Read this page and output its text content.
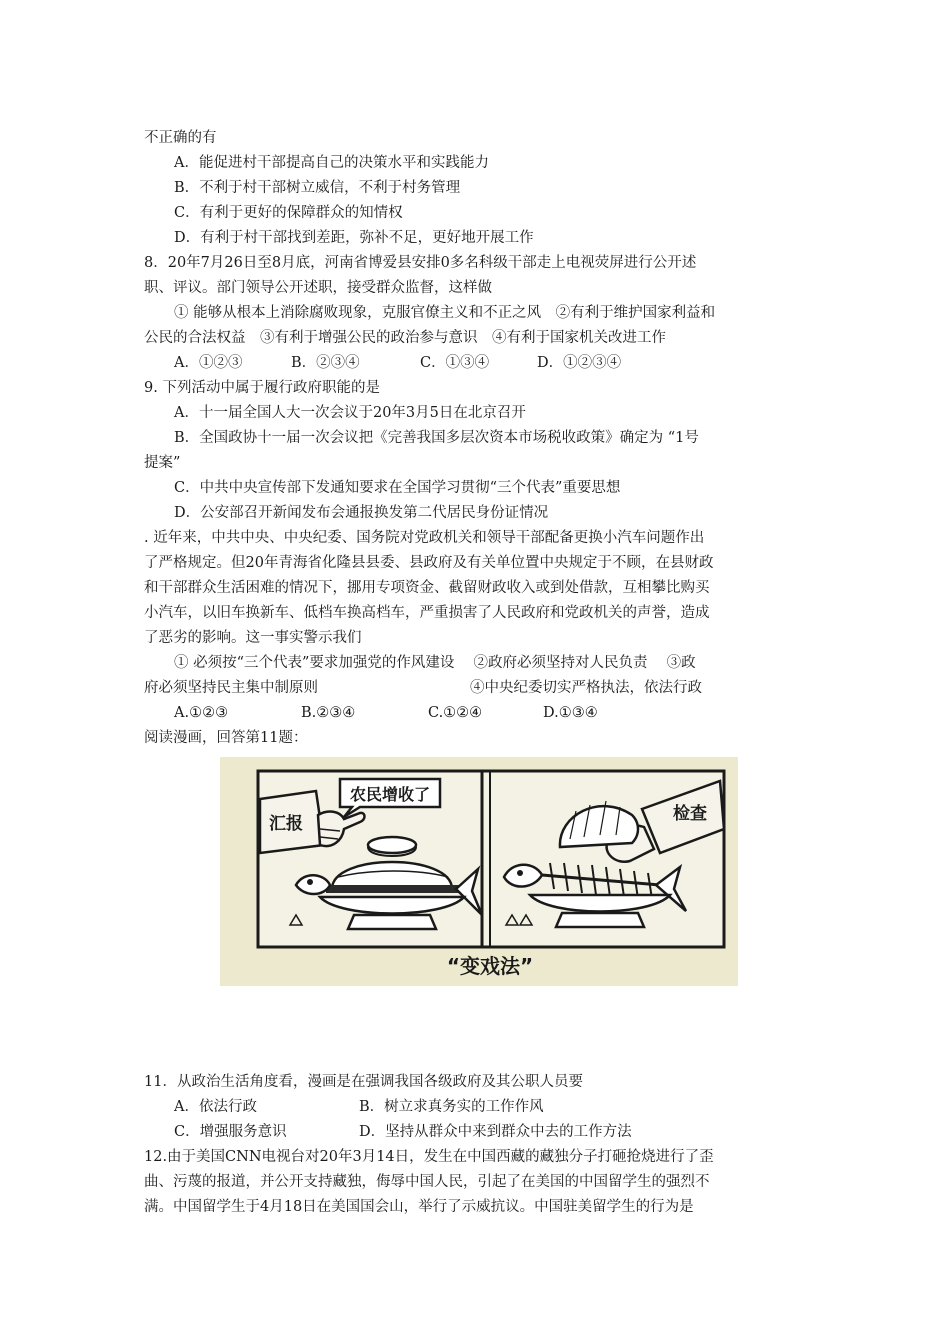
不正确的有
A．能促进村干部提高自己的决策水平和实践能力
B．不利于村干部树立威信，不利于村务管理
C．有利于更好的保障群众的知情权
D．有利于村干部找到差距，弥补不足，更好地开展工作
8．20年7月26日至8月底，河南省博爱县安排0多名科级干部走上电视荧屏进行公开述
职、评议。部门领导公开述职，接受群众监督，这样做
① 能够从根本上消除腐败现象，克服官僚主义和不正之风　②有利于维护国家利益和
公民的合法权益　③有利于增强公民的政治参与意识　④有利于国家机关改进工作
A．①②③	B．②③④	C．①③④	D．①②③④
9. 下列活动中属于履行政府职能的是
A．十一届全国人大一次会议于20年3月5日在北京召开
B．全国政协十一届一次会议把《完善我国多层次资本市场税收政策》确定为 “1号
提案”
C．中共中央宣传部下发通知要求在全国学习贯彻“三个代表”重要思想
D．公安部召开新闻发布会通报换发第二代居民身份证情况
. 近年来，中共中央、中央纪委、国务院对党政机关和领导干部配备更换小汽车问题作出
了严格规定。但20年青海省化隆县县委、县政府及有关单位置中央规定于不顾，在县财政
和干部群众生活困难的情况下，挪用专项资金、截留财政收入或到处借款，互相攀比购买
小汽车，以旧车换新车、低档车换高档车，严重损害了人民政府和党政机关的声誉，造成
了恶劣的影响。这一事实警示我们
① 必须按“三个代表”要求加强党的作风建设　 ②政府必须坚持对人民负责　 ③政
府必须坚持民主集中制原则	④中央纪委切实严格执法，依法行政
A.①②③	B.②③④	C.①②④	D.①③④
阅读漫画，回答第11题：
汇报
农民增收了
检查
“变戏法”
11．从政治生活角度看，漫画是在强调我国各级政府及其公职人员要
A．依法行政	B．树立求真务实的工作作风
C．增强服务意识	D．坚持从群众中来到群众中去的工作方法
12.由于美国CNN电视台对20年3月14日，发生在中国西藏的藏独分子打砸抢烧进行了歪
曲、污蔑的报道，并公开支持藏独，侮辱中国人民，引起了在美国的中国留学生的强烈不
满。中国留学生于4月18日在美国国会山，举行了示威抗议。中国驻美留学生的行为是
